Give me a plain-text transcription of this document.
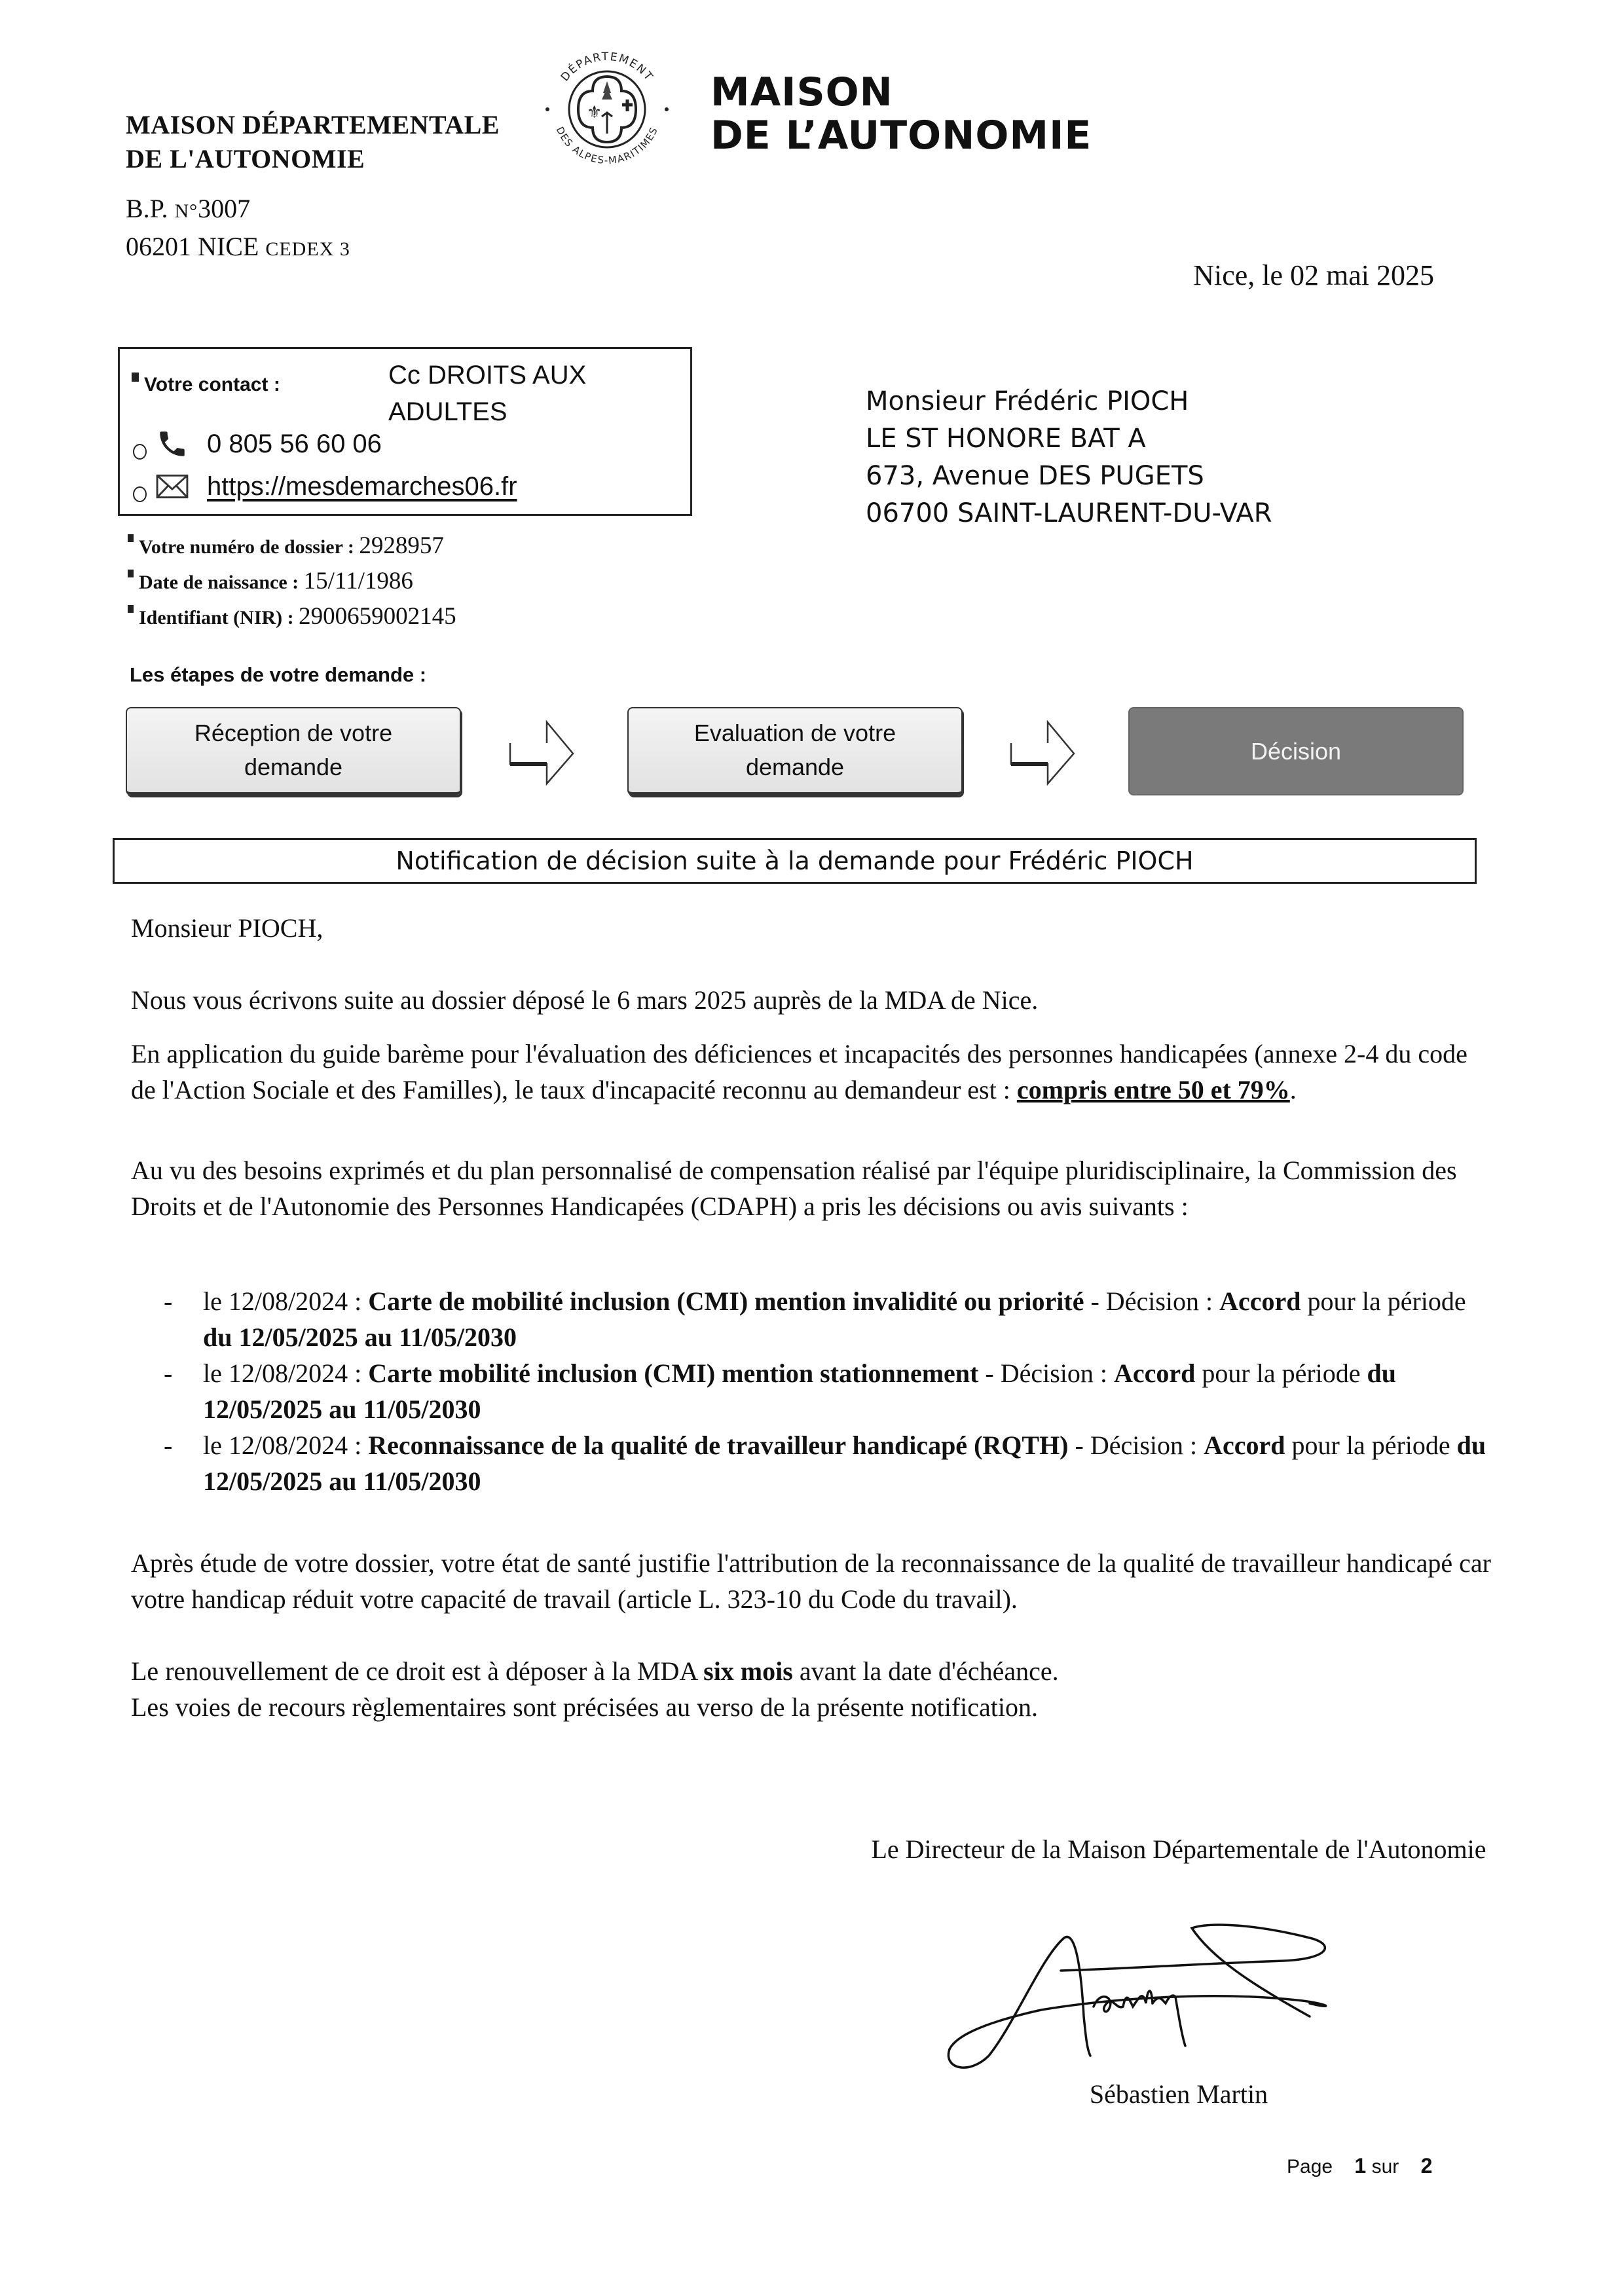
MAISON DÉPARTEMENTALE
DE L'AUTONOMIE
B.P. N°3007
06201 NICE CEDEX 3
DÉPARTEMENT
DES ALPES-MARITIMES
⚜	MAISON
DE L’AUTONOMIE
Nice, le 02 mai 2025
Votre contact :	Cc DROITS AUX ADULTES
0 805 56 60 06
https://mesdemarches06.fr
Monsieur Frédéric PIOCH
LE ST HONORE BAT A
673, Avenue DES PUGETS
06700 SAINT-LAURENT-DU-VAR
Votre numéro de dossier : 2928957
Date de naissance : 15/11/1986
Identifiant (NIR) : 2900659002145
Les étapes de votre demande :
Réception de votre demande
Evaluation de votre demande
Décision
Notification de décision suite à la demande pour Frédéric PIOCH
Monsieur PIOCH,
Nous vous écrivons suite au dossier déposé le 6 mars 2025 auprès de la MDA de Nice.
En application du guide barème pour l'évaluation des déficiences et incapacités des personnes handicapées (annexe 2-4 du code de l'Action Sociale et des Familles), le taux d'incapacité reconnu au demandeur est : compris entre 50 et 79%.
Au vu des besoins exprimés et du plan personnalisé de compensation réalisé par l'équipe pluridisciplinaire, la Commission des Droits et de l'Autonomie des Personnes Handicapées (CDAPH) a pris les décisions ou avis suivants :
- le 12/08/2024 : Carte de mobilité inclusion (CMI) mention invalidité ou priorité - Décision : Accord pour la période du 12/05/2025 au 11/05/2030
- le 12/08/2024 : Carte mobilité inclusion (CMI) mention stationnement - Décision : Accord pour la période du 12/05/2025 au 11/05/2030
- le 12/08/2024 : Reconnaissance de la qualité de travailleur handicapé (RQTH) - Décision : Accord pour la période du 12/05/2025 au 11/05/2030
Après étude de votre dossier, votre état de santé justifie l'attribution de la reconnaissance de la qualité de travailleur handicapé car votre handicap réduit votre capacité de travail (article L. 323-10 du Code du travail).
Le renouvellement de ce droit est à déposer à la MDA six mois avant la date d'échéance.
Les voies de recours règlementaires sont précisées au verso de la présente notification.
Le Directeur de la Maison Départementale de l'Autonomie
Sébastien Martin
Page 1 sur 2
